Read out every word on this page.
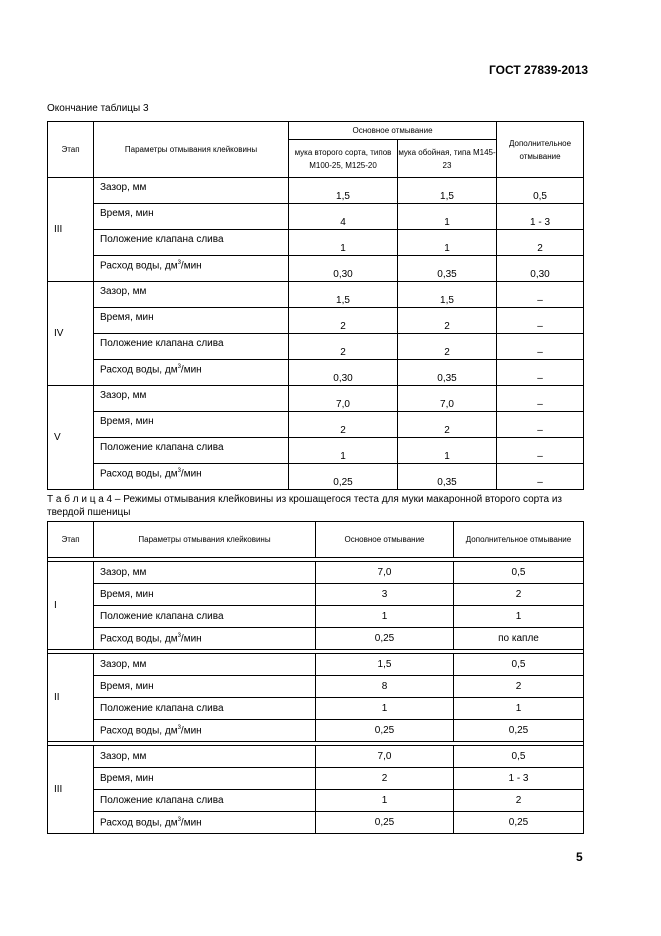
ГОСТ 27839-2013
Окончание таблицы 3
Этап	Параметры отмывания клейковины	Основное отмывание		Дополнительное отмывание
		мука второго сорта, типов М100-25, М125-20	мука обойная, типа М145-23	
III	Зазор, мм	1,5	1,5	0,5
	Время, мин	4	1	1 - 3
	Положение клапана слива	1	1	2
	Расход воды, $дм^3$/мин	0,30	0,35	0,30
IV	Зазор, мм	1,5	1,5	–
	Время, мин	2	2	–
	Положение клапана слива	2	2	–
	Расход воды, $дм^3$/мин	0,30	0,35	–
V	Зазор, мм	7,0	7,0	–
	Время, мин	2	2	–
	Положение клапана слива	1	1	–
	Расход воды, $дм^3$/мин	0,25	0,35	–
Т а б л и ц а 4 – Режимы отмывания клейковины из крошащегося теста для муки макаронной второго сорта из твердой пшеницы
Этап	Параметры отмывания клейковины	Основное отмывание	Дополнительное отмывание

I	Зазор, мм	7,0	0,5
	Время, мин	3	2
	Положение клапана слива	1	1
	Расход воды, $дм^3$/мин	0,25	по капле

II	Зазор, мм	1,5	0,5
	Время, мин	8	2
	Положение клапана слива	1	1
	Расход воды, $дм^3$/мин	0,25	0,25

III	Зазор, мм	7,0	0,5
	Время, мин	2	1 - 3
	Положение клапана слива	1	2
	Расход воды, $дм^3$/мин	0,25	0,25
5
